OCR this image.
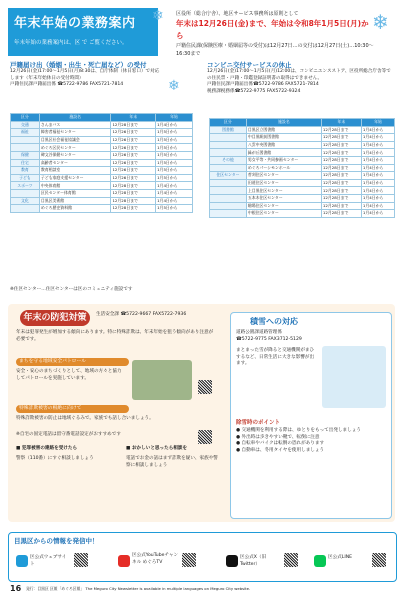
年末年始の業務案内
年末年始の業務案内は、区 で ご覧ください。
区役所（総合庁舎）、地区サービス事務所は原則として
年末は12月26日(金)まで、年始は令和8年1月5日(月)から
戸籍住民課(保険医療・婚姻届等の受付)は12月27日…の交付は12月27日(土)…10:30～16:30まで
❄	❄
戸籍届け出（婚姻・出生・死亡届など）の受付
12月26日(金)17:00～1月5日(月)8:30は、自庁体制（休日窓口）で対応します（年末年始休日の受付時間）
戸籍住民課戸籍届出係 ☎5722-9786 FAX5721-7814	❄
コンビニ交付サービスの休止
12月26日(金)17:00～1月5日(月)12:00は、コンビニエンスストア、区役所総合庁舎等での住民票・戸籍・印鑑登録証明書の取得はできません。
戸籍住民課戸籍届出係☎5722-9786 FAX5721-7814
税務課税務係☎5722-9775 FAX5722-9324
区分	施設名	年末	年始
交通	さんまバス	12月28日まで	1月4日から
福祉	障害者福祉センター	12月26日まで	1月5日から
	目黒区社会福祉協議会	12月26日まで	1月5日から
	めぐろ区民センター	12月26日まで	1月5日から
保健	碑文谷保健センター	12月26日まで	1月5日から
住宅	高齢者センター	12月26日まで	1月5日から
教育	教育相談室	12月26日まで	1月5日から
子ども	子ども家庭支援センター	12月26日まで	1月5日から
スポーツ	中央体育館	12月28日まで	1月4日から
	区民センター体育館	12月28日まで	1月4日から
文化	目黒区美術館	12月28日まで	1月4日から
	めぐろ歴史資料館	12月28日まで	1月5日から
区分	施設名	年末	年始
図書館	目黒区立図書館	12月28日まで	1月4日から
	中目黒駅前図書館	12月28日まで	1月4日から
	八雲中央図書館	12月28日まで	1月4日から
	緑が丘図書館	12月28日まで	1月4日から
その他	男女平等・共同参画センター	12月28日まで	1月4日から
	めぐろパーシモンホール	12月28日まで	1月4日から
住区センター	菅刈住区センター	12月28日まで	1月4日から
	田道住区センター	12月28日まで	1月4日から
	上目黒住区センター	12月28日まで	1月4日から
	五本木住区センター	12月28日まで	1月4日から
	駒場住区センター	12月28日まで	1月4日から
	中根住区センター	12月28日まで	1月4日から
※住区センター…住区センターは区のコミュニティ施設です
年末の防犯対策	生活安全課 ☎5722-9667 FAX5722-7936
年末は犯罪発生が増加する傾向にあります。特に特殊詐欺は、年末年始を狙う傾向があり注意が必要です。
まちを守る地域安全パトロール
安全・安心のまちづくりとして、地域の方々と協力してパトロールを実施しています。
特殊詐欺被害の根絶に向けて
特殊詐欺被害の防止は地域ぐるみで。家族でも話し合いましょう。
※自宅の固定電話は留守番電話設定がおすすめです
■ 犯罪被害の連絡を受けたら
警察（110番）にすぐ相談しましょう
■ おかしいと思ったら相談を
電話でお金の話はまず詐欺を疑い、家族や警察に相談しましょう
積雪への対応
道路公園課道路管理係
☎5722-9775 FAX3712-5129
まとまった雪が降ると交通機関がまひするなど、日常生活に大きな影響が出ます。
除雪時のポイント
● 交通機関を利用する際は、ゆとりをもって出発しましょう
● 外出時は歩きやすい靴で、転倒に注意
● 自転車やバイクは転倒の恐れがあります
● 自動車は、冬用タイヤを使用しましょう
目黒区からの情報を発信中！
区公式ウェブサイト
区公式YouTubeチャンネル めぐろTV
区公式X（旧Twitter）
区公式LINE
16 発行：目黒区 区報「めぐろ区報」 The Meguro City Newsletter is available in multiple languages on Meguro City website.
